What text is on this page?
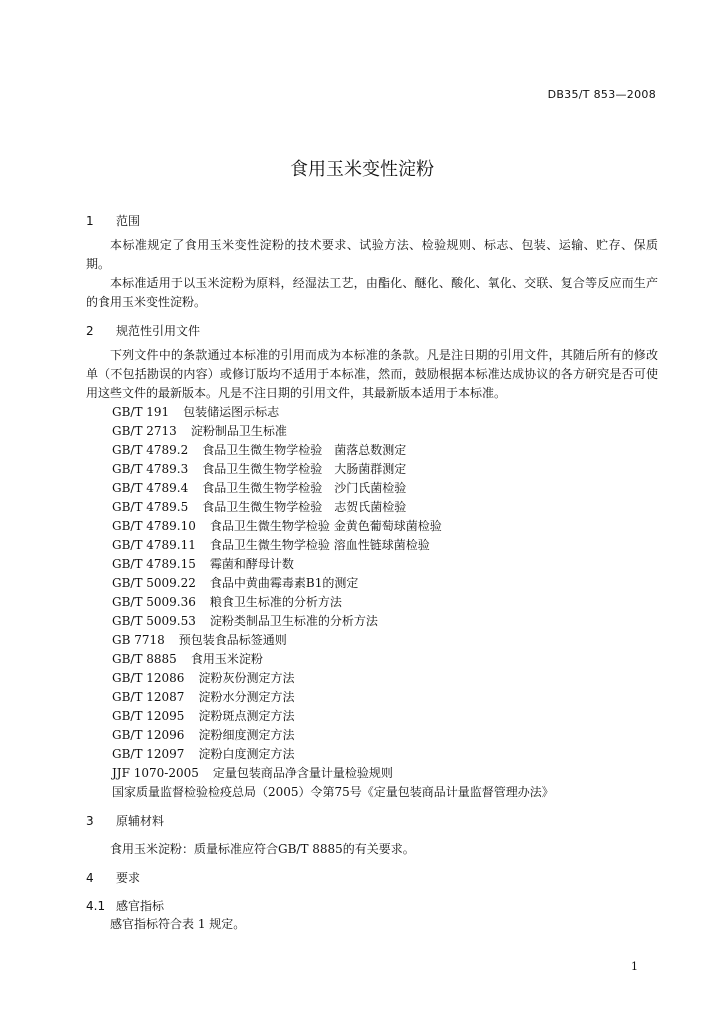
DB35/T 853—2008
食用玉米变性淀粉

1 范围

本标准规定了食用玉米变性淀粉的技术要求、试验方法、检验规则、标志、包装、运输、贮存、保质期。

本标准适用于以玉米淀粉为原料，经湿法工艺，由酯化、醚化、酸化、氧化、交联、复合等反应而生产的食用玉米变性淀粉。

2 规范性引用文件

下列文件中的条款通过本标准的引用而成为本标准的条款。凡是注日期的引用文件，其随后所有的修改单（不包括勘误的内容）或修订版均不适用于本标准，然而，鼓励根据本标准达成协议的各方研究是否可使用这些文件的最新版本。凡是不注日期的引用文件，其最新版本适用于本标准。

GB/T 191 包装储运图示标志

GB/T 2713 淀粉制品卫生标准

GB/T 4789.2 食品卫生微生物学检验　菌落总数测定

GB/T 4789.3 食品卫生微生物学检验　大肠菌群测定

GB/T 4789.4 食品卫生微生物学检验　沙门氏菌检验

GB/T 4789.5 食品卫生微生物学检验　志贺氏菌检验

GB/T 4789.10 食品卫生微生物学检验 金黄色葡萄球菌检验

GB/T 4789.11 食品卫生微生物学检验 溶血性链球菌检验

GB/T 4789.15 霉菌和酵母计数

GB/T 5009.22 食品中黄曲霉毒素B1的测定

GB/T 5009.36 粮食卫生标准的分析方法

GB/T 5009.53 淀粉类制品卫生标准的分析方法

GB 7718 预包装食品标签通则

GB/T 8885 食用玉米淀粉

GB/T 12086 淀粉灰份测定方法

GB/T 12087 淀粉水分测定方法

GB/T 12095 淀粉斑点测定方法

GB/T 12096 淀粉细度测定方法

GB/T 12097 淀粉白度测定方法

JJF 1070-2005 定量包装商品净含量计量检验规则

国家质量监督检验检疫总局（2005）令第75号《定量包装商品计量监督管理办法》

3 原辅材料

食用玉米淀粉：质量标准应符合GB/T 8885的有关要求。

4 要求

4.1 感官指标

感官指标符合表 1 规定。

1
